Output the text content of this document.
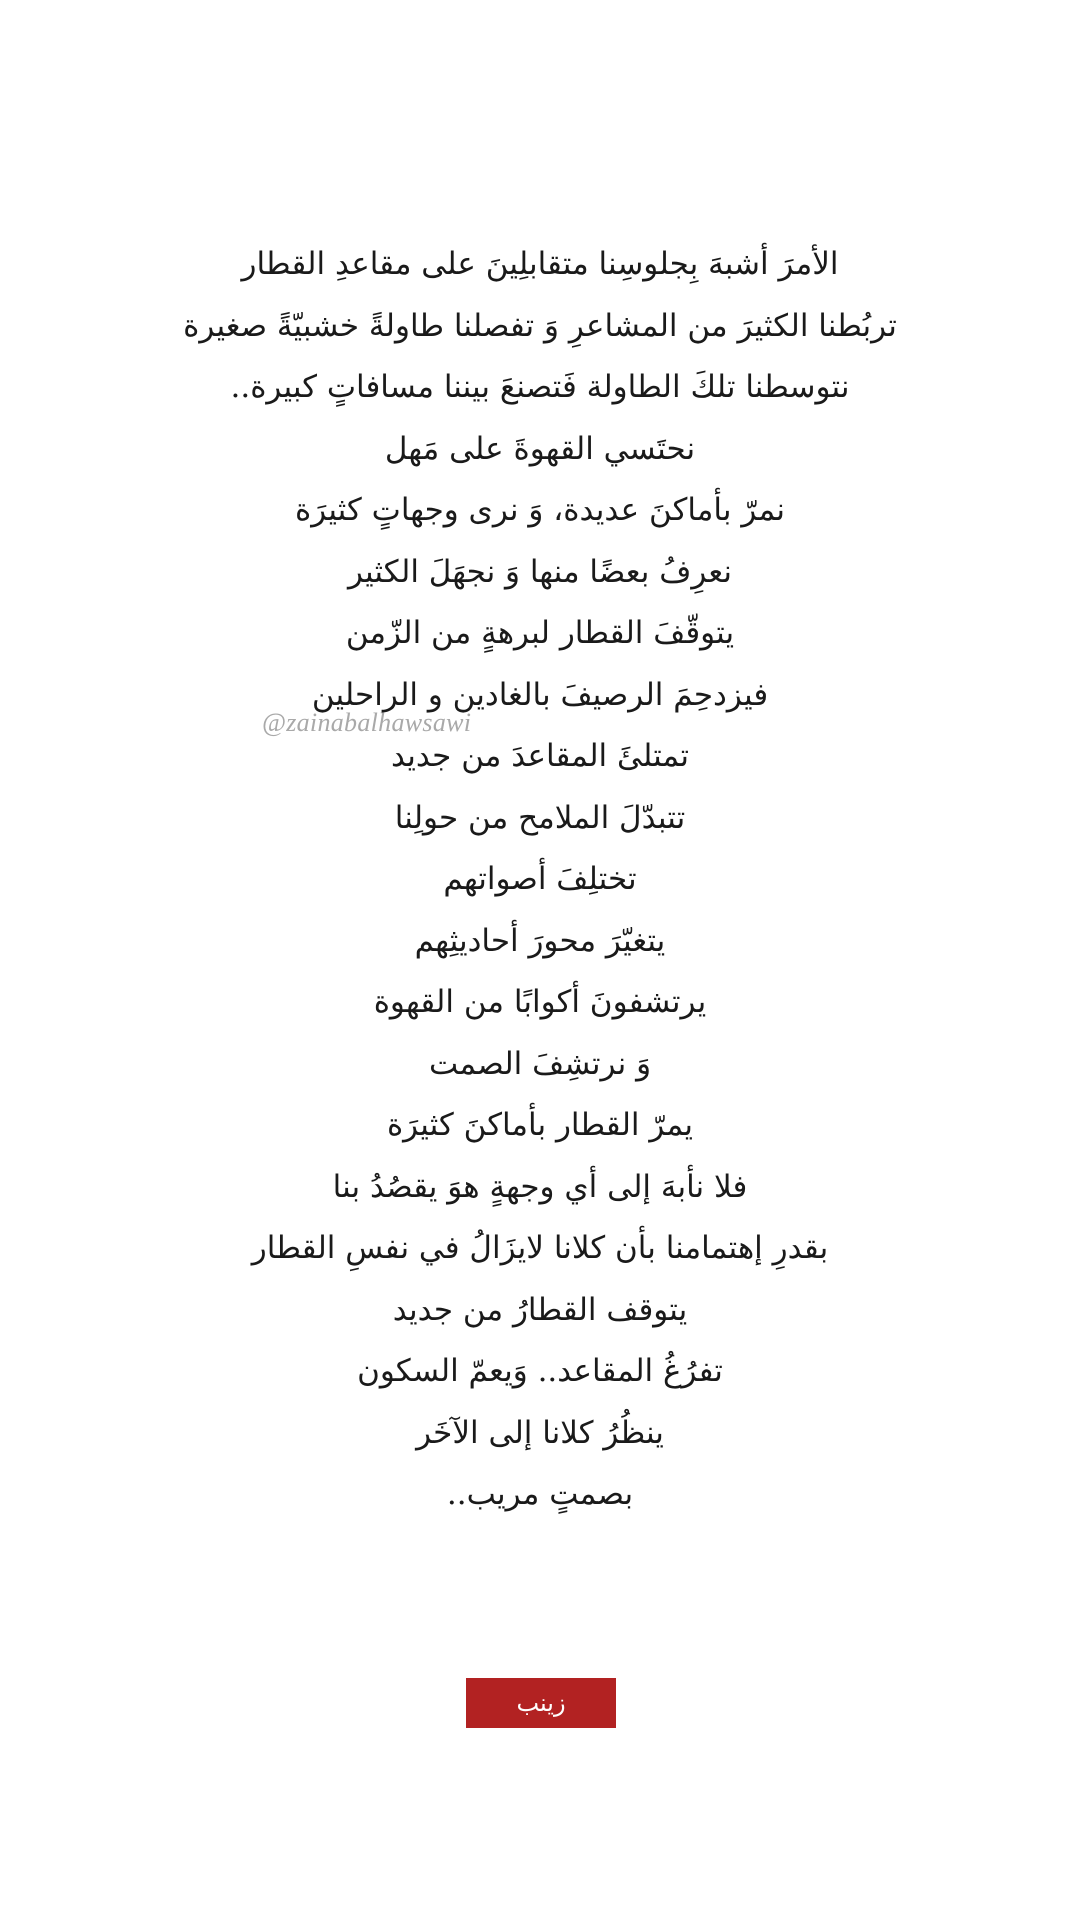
الأمرَ أشبهَ بِجلوسِنا متقابلِينَ على مقاعدِ القطار

تربُطنا الكثيرَ من المشاعرِ وَ تفصلنا طاولةً خشبيّةً صغيرة

نتوسطنا تلكَ الطاولة فَتصنعَ بيننا مسافاتٍ كبيرة..

نحتَسي القهوةَ على مَهل

نمرّ بأماكنَ عديدة، وَ نرى وجهاتٍ كثيرَة

نعرِفُ بعضًا منها وَ نجهَلَ الكثير

يتوقّفَ القطار لبرهةٍ من الزّمن

فيزدحِمَ الرصيفَ بالغادين و الراحلين

تمتلئَ المقاعدَ من جديد

تتبدّلَ الملامح من حولِنا

تختلِفَ أصواتهم

يتغيّرَ محورَ أحاديثِهم

يرتشفونَ أكوابًا من القهوة

وَ نرتشِفَ الصمت

يمرّ القطار بأماكنَ كثيرَة

فلا نأبهَ إلى أي وجهةٍ هوَ يقصُدُ بنا

بقدرِ إهتمامنا بأن كلانا لايزَالُ في نفسِ القطار

يتوقف القطارُ من جديد

تفرُغُ المقاعد.. وَيعمّ السكون

ينظُرُ كلانا إلى الآخَر

بصمتٍ مريب..

@zainabalhawsawi
زينب الهوساوي
